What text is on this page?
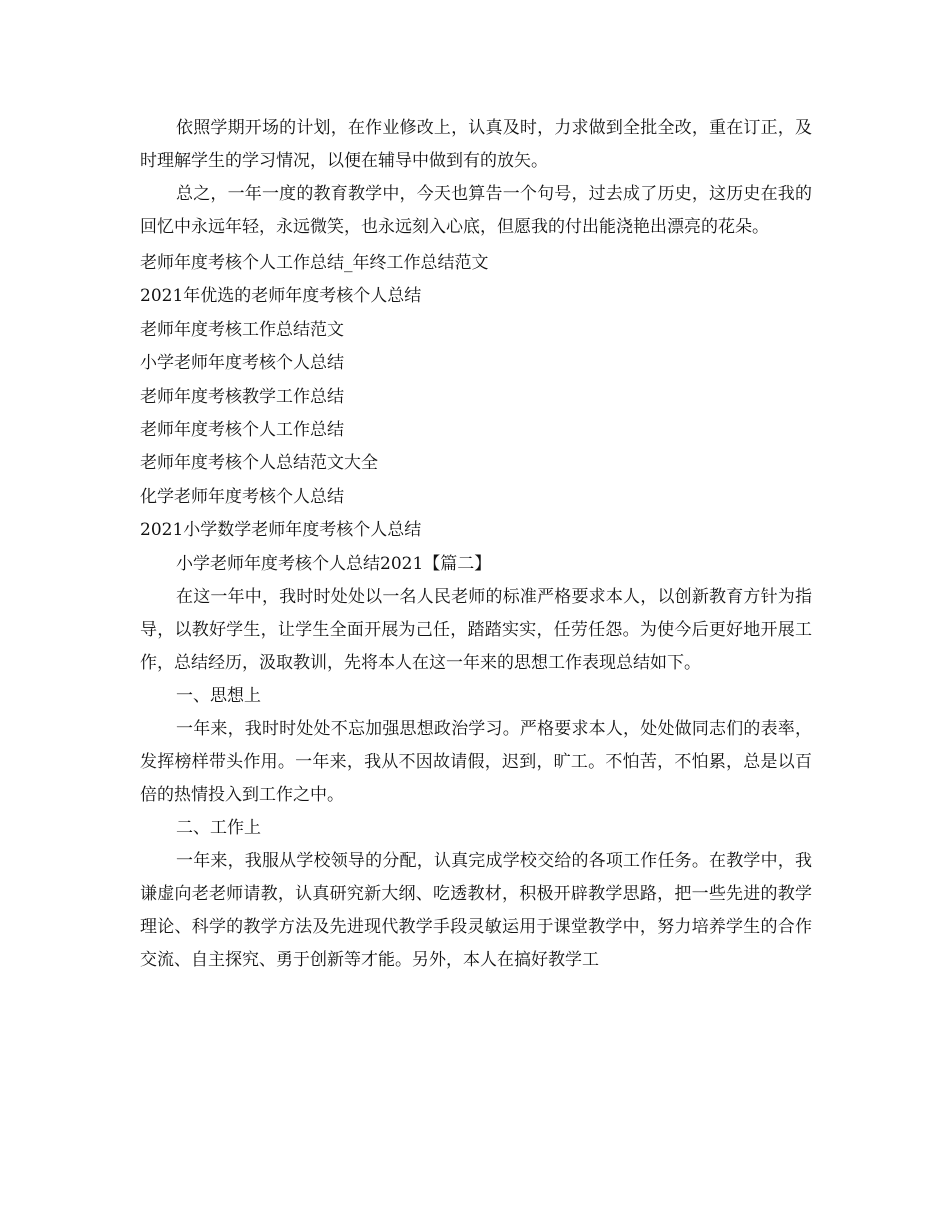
依照学期开场的计划，在作业修改上，认真及时，力求做到全批全改，重在订正，及时理解学生的学习情况，以便在辅导中做到有的放矢。

总之，一年一度的教育教学中，今天也算告一个句号，过去成了历史，这历史在我的回忆中永远年轻，永远微笑，也永远刻入心底，但愿我的付出能浇艳出漂亮的花朵。

老师年度考核个人工作总结_年终工作总结范文
2021年优选的老师年度考核个人总结
老师年度考核工作总结范文
小学老师年度考核个人总结
老师年度考核教学工作总结
老师年度考核个人工作总结
老师年度考核个人总结范文大全
化学老师年度考核个人总结
2021小学数学老师年度考核个人总结

小学老师年度考核个人总结2021【篇二】

在这一年中，我时时处处以一名人民老师的标准严格要求本人，以创新教育方针为指导，以教好学生，让学生全面开展为己任，踏踏实实，任劳任怨。为使今后更好地开展工作，总结经历，汲取教训，先将本人在这一年来的思想工作表现总结如下。

一、思想上

一年来，我时时处处不忘加强思想政治学习。严格要求本人，处处做同志们的表率，发挥榜样带头作用。一年来，我从不因故请假，迟到，旷工。不怕苦，不怕累，总是以百倍的热情投入到工作之中。

二、工作上

一年来，我服从学校领导的分配，认真完成学校交给的各项工作任务。在教学中，我谦虚向老老师请教，认真研究新大纲、吃透教材，积极开辟教学思路，把一些先进的教学理论、科学的教学方法及先进现代教学手段灵敏运用于课堂教学中，努力培养学生的合作交流、自主探究、勇于创新等才能。另外，本人在搞好教学工
